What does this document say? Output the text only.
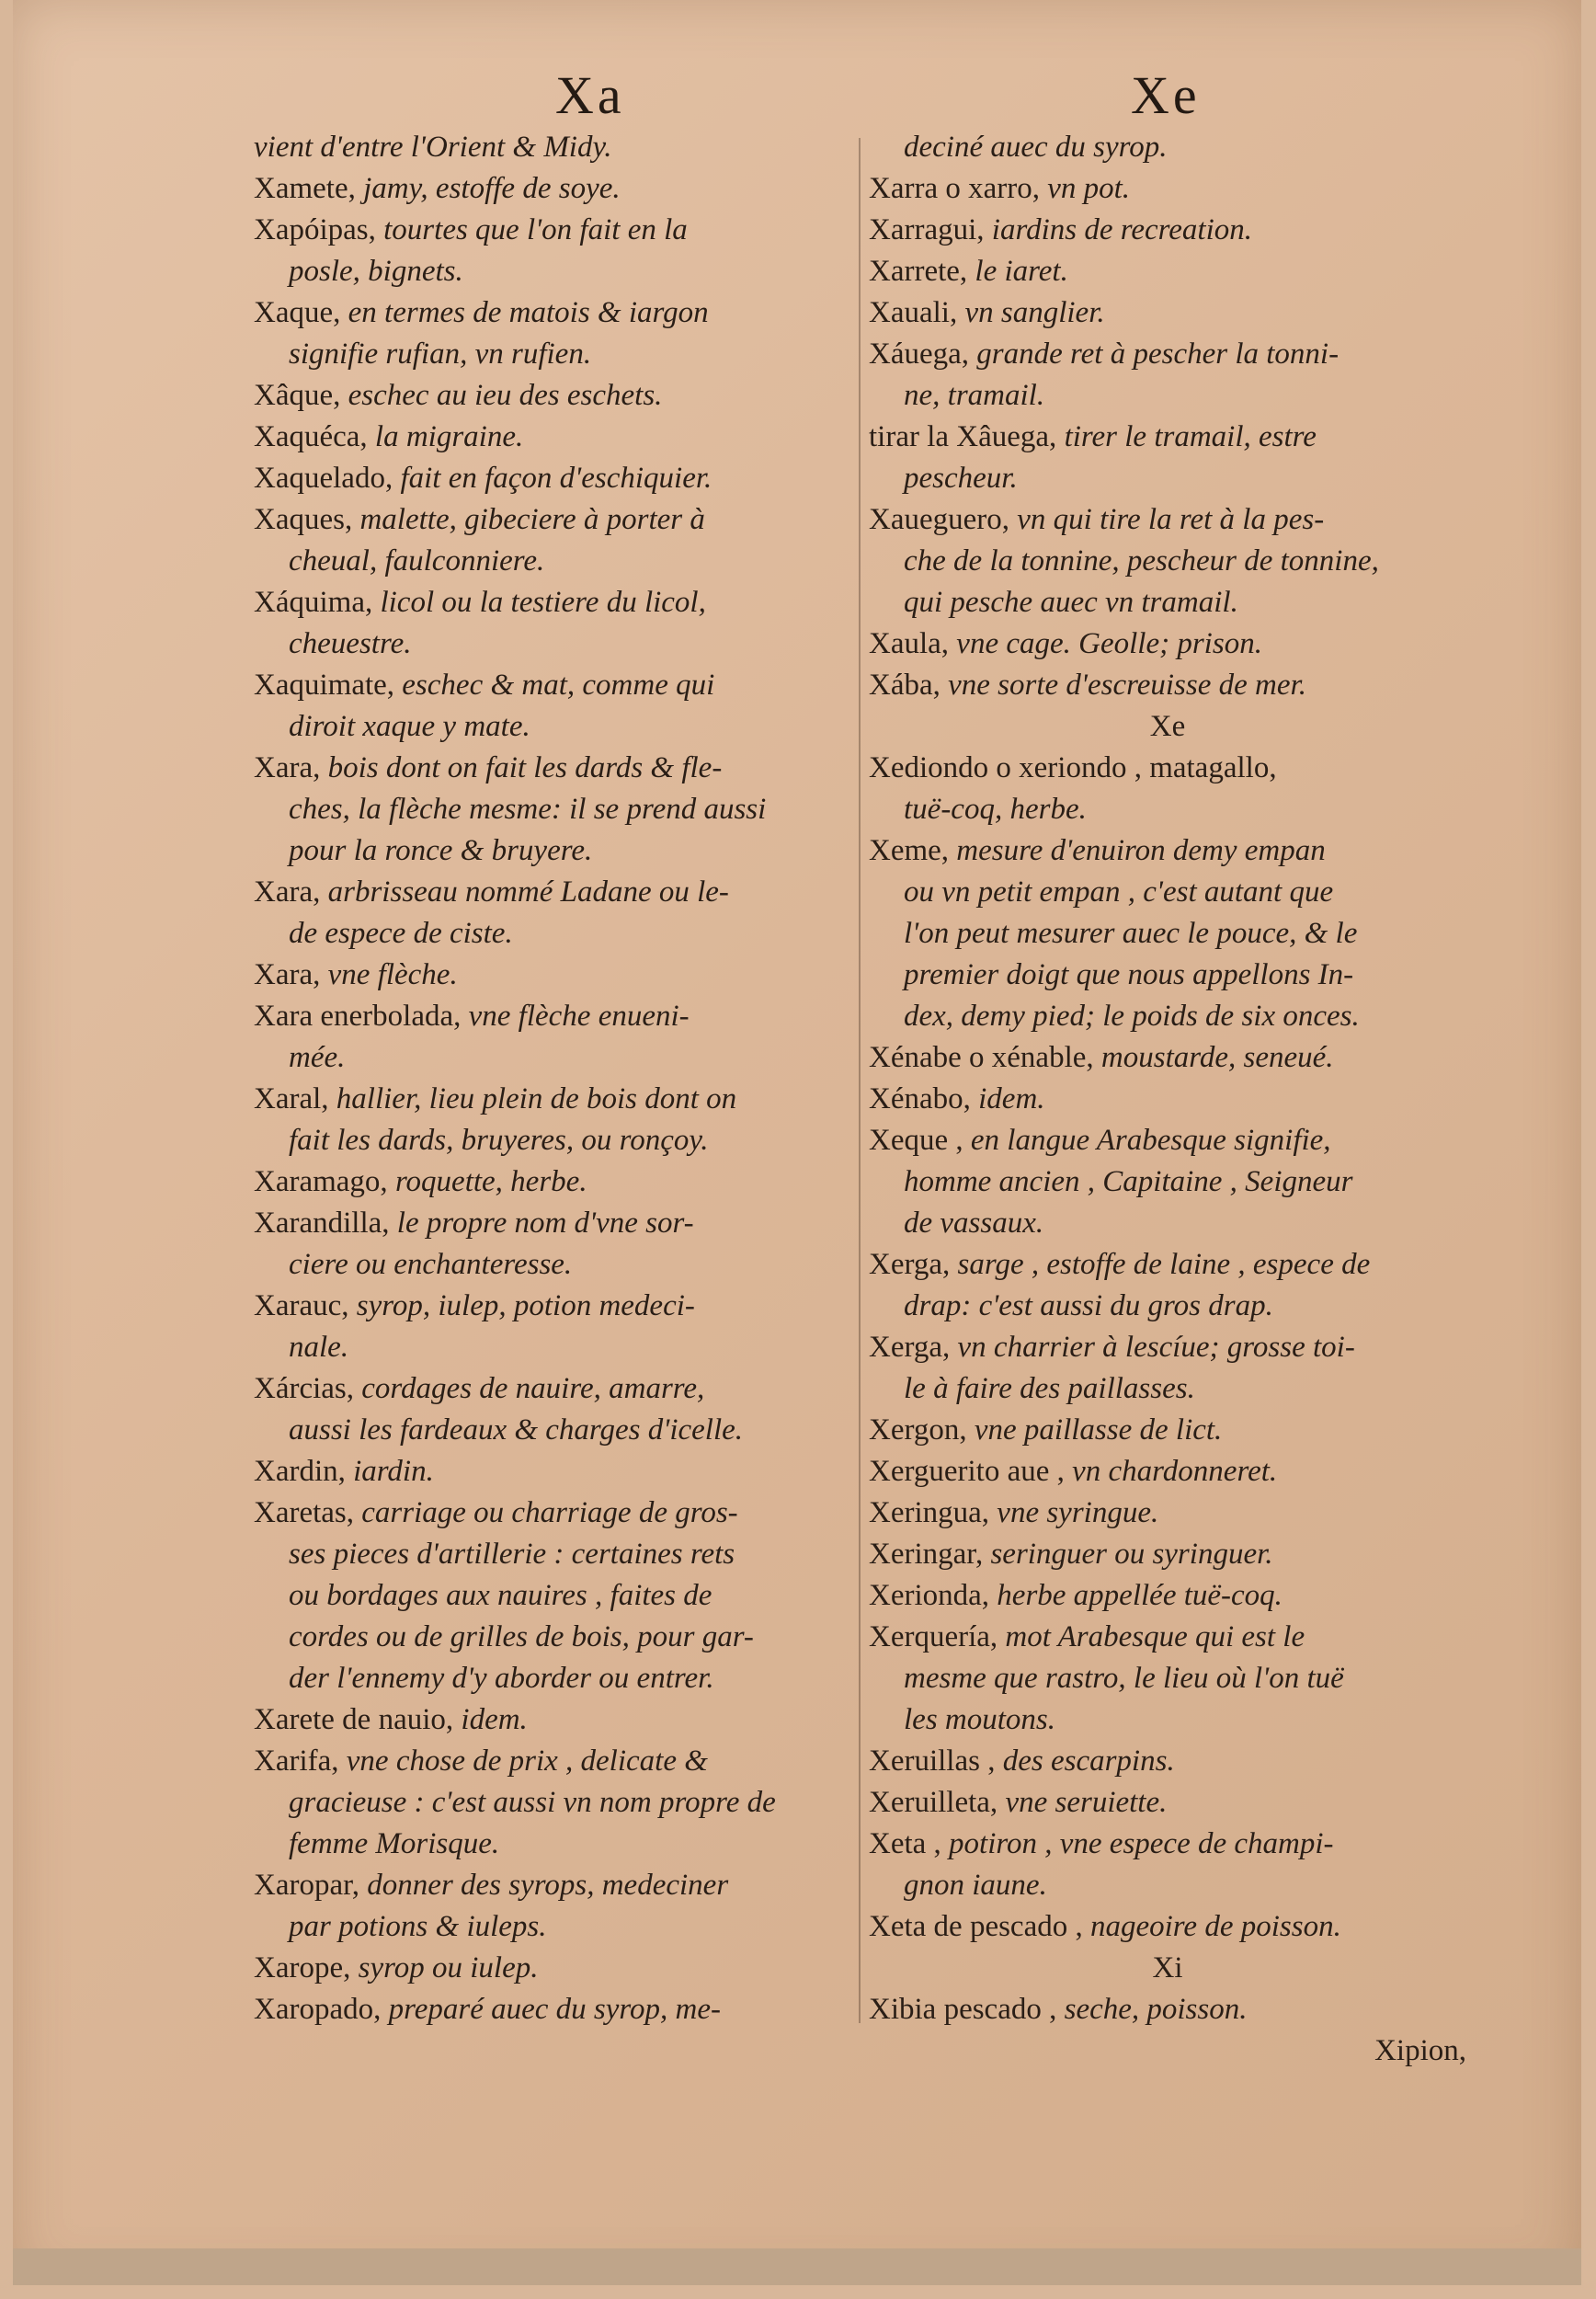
Xa	Xe

vient d'entre l'Orient & Midy.

Xamete, jamy, estoffe de soye.

Xapóipas, tourtes que l'on fait en la
posle, bignets.

Xaque, en termes de matois & iargon
signifie rufian, vn rufien.

Xâque, eschec au ieu des eschets.

Xaquéca, la migraine.

Xaquelado, fait en façon d'eschiquier.

Xaques, malette, gibeciere à porter à
cheual, faulconniere.

Xáquima, licol ou la testiere du licol,
cheuestre.

Xaquimate, eschec & mat, comme qui
diroit xaque y mate.

Xara, bois dont on fait les dards & fle-
ches, la flèche mesme: il se prend aussi
pour la ronce & bruyere.

Xara, arbrisseau nommé Ladane ou le-
de espece de ciste.

Xara, vne flèche.

Xara enerbolada, vne flèche enueni-
mée.

Xaral, hallier, lieu plein de bois dont on
fait les dards, bruyeres, ou ronçoy.

Xaramago, roquette, herbe.

Xarandilla, le propre nom d'vne sor-
ciere ou enchanteresse.

Xarauc, syrop, iulep, potion medeci-
nale.

Xárcias, cordages de nauire, amarre,
aussi les fardeaux & charges d'icelle.

Xardin, iardin.

Xaretas, carriage ou charriage de gros-
ses pieces d'artillerie : certaines rets
ou bordages aux nauires , faites de
cordes ou de grilles de bois, pour gar-
der l'ennemy d'y aborder ou entrer.

Xarete de nauio, idem.

Xarifa, vne chose de prix , delicate &
gracieuse : c'est aussi vn nom propre de
femme Morisque.

Xaropar, donner des syrops, medeciner
par potions & iuleps.

Xarope, syrop ou iulep.

Xaropado, preparé auec du syrop, me-

deciné auec du syrop.

Xarra o xarro, vn pot.

Xarragui, iardins de recreation.

Xarrete, le iaret.

Xauali, vn sanglier.

Xáuega, grande ret à pescher la tonni-
ne, tramail.

tirar la Xâuega, tirer le tramail, estre
pescheur.

Xaueguero, vn qui tire la ret à la pes-
che de la tonnine, pescheur de tonnine,
qui pesche auec vn tramail.

Xaula, vne cage. Geolle; prison.

Xába, vne sorte d'escreuisse de mer.

Xe

Xediondo o xeriondo , matagallo,
tuë-coq, herbe.

Xeme, mesure d'enuiron demy empan
ou vn petit empan , c'est autant que
l'on peut mesurer auec le pouce, & le
premier doigt que nous appellons In-
dex, demy pied; le poids de six onces.

Xénabe o xénable, moustarde, seneué.

Xénabo, idem.

Xeque , en langue Arabesque signifie,
homme ancien , Capitaine , Seigneur
de vassaux.

Xerga, sarge , estoffe de laine , espece de
drap: c'est aussi du gros drap.

Xerga, vn charrier à lescíue; grosse toi-
le à faire des paillasses.

Xergon, vne paillasse de lict.

Xerguerito aue , vn chardonneret.

Xeringua, vne syringue.

Xeringar, seringuer ou syringuer.

Xerionda, herbe appellée tuë-coq.

Xerquería, mot Arabesque qui est le
mesme que rastro, le lieu où l'on tuë
les moutons.

Xeruillas , des escarpins.

Xeruilleta, vne seruiette.

Xeta , potiron , vne espece de champi-
gnon iaune.

Xeta de pescado , nageoire de poisson.

Xi

Xibia pescado , seche, poisson.

Xipion,
